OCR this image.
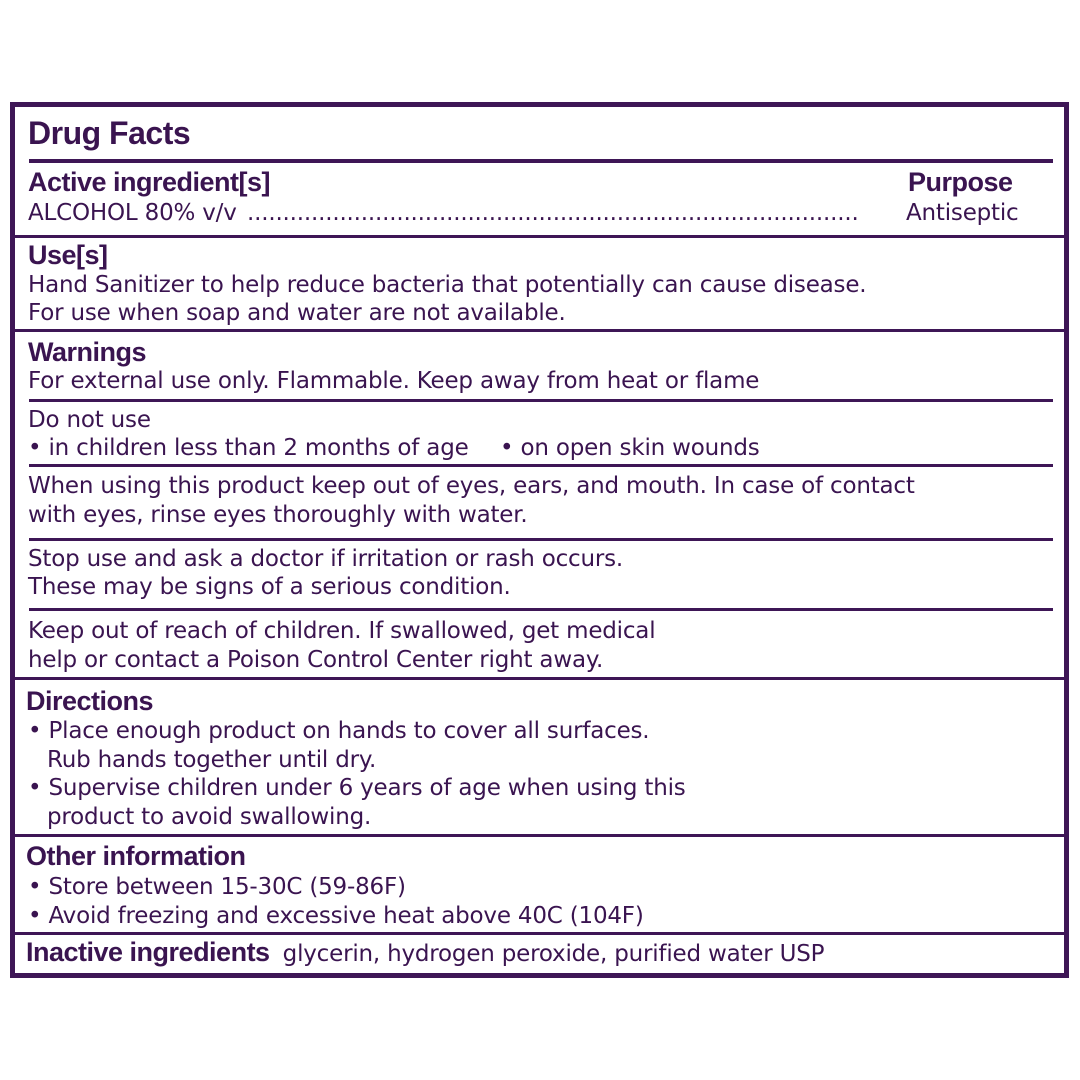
Drug Facts
Active ingredient[s]	Purpose
ALCOHOL 80% v/v ......................................................................................	Antiseptic
Use[s]
Hand Sanitizer to help reduce bacteria that potentially can cause disease.
For use when soap and water are not available.
Warnings
For external use only. Flammable. Keep away from heat or flame
Do not use
• in children less than 2 months of age • on open skin wounds
When using this product keep out of eyes, ears, and mouth. In case of contact
with eyes, rinse eyes thoroughly with water.
Stop use and ask a doctor if irritation or rash occurs.
These may be signs of a serious condition.
Keep out of reach of children. If swallowed, get medical
help or contact a Poison Control Center right away.
Directions
• Place enough product on hands to cover all surfaces.
Rub hands together until dry.
• Supervise children under 6 years of age when using this
product to avoid swallowing.
Other information
• Store between 15-30C (59-86F)
• Avoid freezing and excessive heat above 40C (104F)
Inactive ingredients glycerin, hydrogen peroxide, purified water USP
